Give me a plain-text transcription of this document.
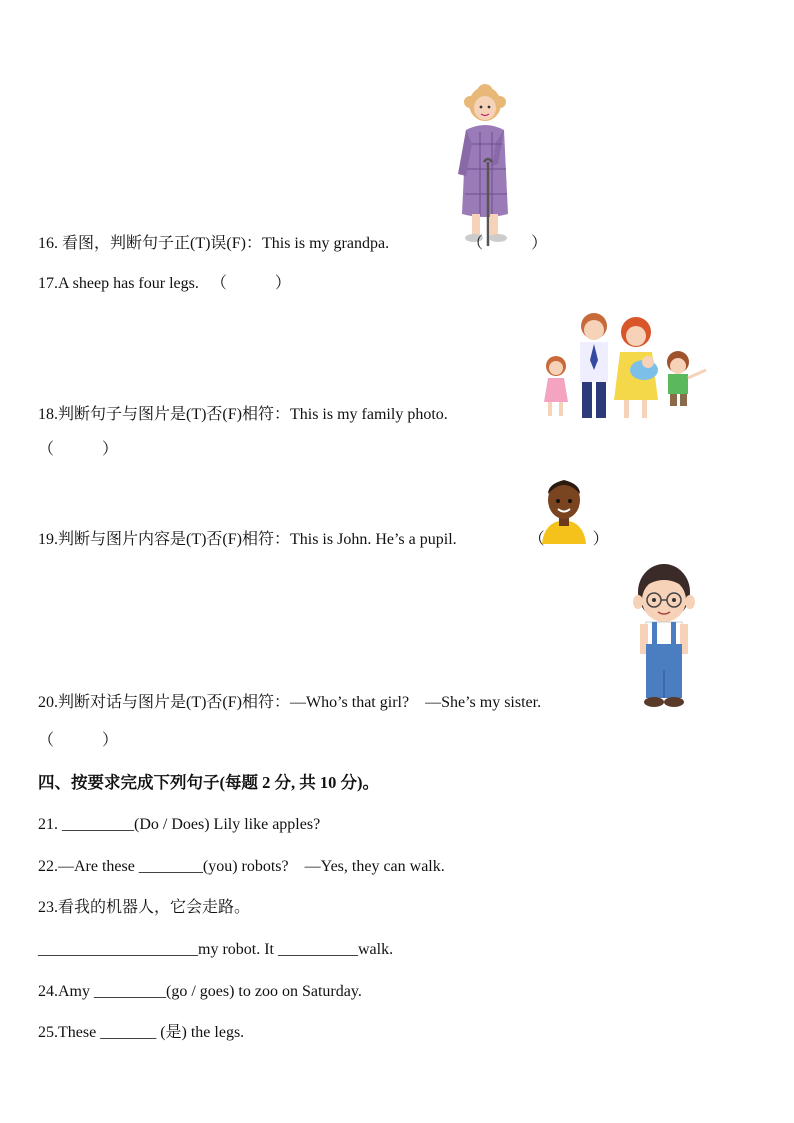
16. 看图，判断句子正(T)误(F)：This is my grandpa.	（　　　）
17.A sheep has four legs. （　　　）
18.判断句子与图片是(T)否(F)相符：This is my family photo.
（　　　）
19.判断与图片内容是(T)否(F)相符：This is John. He’s a pupil.	（　　　）
20.判断对话与图片是(T)否(F)相符：—Who’s that girl?　—She’s my sister.
（　　　）
四、按要求完成下列句子(每题 2 分, 共 10 分)。
21. _________(Do / Does) Lily like apples?
22.—Are these ________(you) robots?　—Yes, they can walk.
23.看我的机器人，它会走路。
____________________my robot. It __________walk.
24.Amy _________(go / goes) to zoo on Saturday.
25.These _______ (是) the legs.
